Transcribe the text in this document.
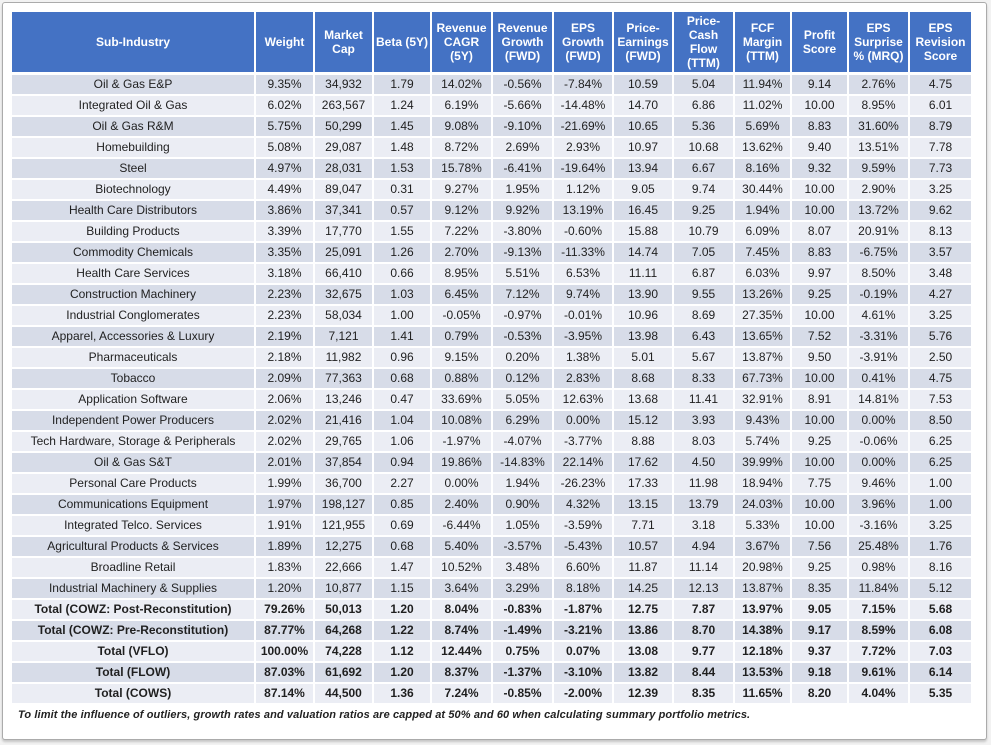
Sub-Industry	Weight	Market Cap	Beta (5Y)	Revenue CAGR (5Y)	Revenue Growth (FWD)	EPS Growth (FWD)	Price-Earnings (FWD)	Price-Cash Flow (TTM)	FCF Margin (TTM)	Profit Score	EPS Surprise % (MRQ)	EPS Revision Score
Oil & Gas E&P	9.35%	34,932	1.79	14.02%	-0.56%	-7.84%	10.59	5.04	11.94%	9.14	2.76%	4.75
Integrated Oil & Gas	6.02%	263,567	1.24	6.19%	-5.66%	-14.48%	14.70	6.86	11.02%	10.00	8.95%	6.01
Oil & Gas R&M	5.75%	50,299	1.45	9.08%	-9.10%	-21.69%	10.65	5.36	5.69%	8.83	31.60%	8.79
Homebuilding	5.08%	29,087	1.48	8.72%	2.69%	2.93%	10.97	10.68	13.62%	9.40	13.51%	7.78
Steel	4.97%	28,031	1.53	15.78%	-6.41%	-19.64%	13.94	6.67	8.16%	9.32	9.59%	7.73
Biotechnology	4.49%	89,047	0.31	9.27%	1.95%	1.12%	9.05	9.74	30.44%	10.00	2.90%	3.25
Health Care Distributors	3.86%	37,341	0.57	9.12%	9.92%	13.19%	16.45	9.25	1.94%	10.00	13.72%	9.62
Building Products	3.39%	17,770	1.55	7.22%	-3.80%	-0.60%	15.88	10.79	6.09%	8.07	20.91%	8.13
Commodity Chemicals	3.35%	25,091	1.26	2.70%	-9.13%	-11.33%	14.74	7.05	7.45%	8.83	-6.75%	3.57
Health Care Services	3.18%	66,410	0.66	8.95%	5.51%	6.53%	11.11	6.87	6.03%	9.97	8.50%	3.48
Construction Machinery	2.23%	32,675	1.03	6.45%	7.12%	9.74%	13.90	9.55	13.26%	9.25	-0.19%	4.27
Industrial Conglomerates	2.23%	58,034	1.00	-0.05%	-0.97%	-0.01%	10.96	8.69	27.35%	10.00	4.61%	3.25
Apparel, Accessories & Luxury	2.19%	7,121	1.41	0.79%	-0.53%	-3.95%	13.98	6.43	13.65%	7.52	-3.31%	5.76
Pharmaceuticals	2.18%	11,982	0.96	9.15%	0.20%	1.38%	5.01	5.67	13.87%	9.50	-3.91%	2.50
Tobacco	2.09%	77,363	0.68	0.88%	0.12%	2.83%	8.68	8.33	67.73%	10.00	0.41%	4.75
Application Software	2.06%	13,246	0.47	33.69%	5.05%	12.63%	13.68	11.41	32.91%	8.91	14.81%	7.53
Independent Power Producers	2.02%	21,416	1.04	10.08%	6.29%	0.00%	15.12	3.93	9.43%	10.00	0.00%	8.50
Tech Hardware, Storage & Peripherals	2.02%	29,765	1.06	-1.97%	-4.07%	-3.77%	8.88	8.03	5.74%	9.25	-0.06%	6.25
Oil & Gas S&T	2.01%	37,854	0.94	19.86%	-14.83%	22.14%	17.62	4.50	39.99%	10.00	0.00%	6.25
Personal Care Products	1.99%	36,700	2.27	0.00%	1.94%	-26.23%	17.33	11.98	18.94%	7.75	9.46%	1.00
Communications Equipment	1.97%	198,127	0.85	2.40%	0.90%	4.32%	13.15	13.79	24.03%	10.00	3.96%	1.00
Integrated Telco. Services	1.91%	121,955	0.69	-6.44%	1.05%	-3.59%	7.71	3.18	5.33%	10.00	-3.16%	3.25
Agricultural Products & Services	1.89%	12,275	0.68	5.40%	-3.57%	-5.43%	10.57	4.94	3.67%	7.56	25.48%	1.76
Broadline Retail	1.83%	22,666	1.47	10.52%	3.48%	6.60%	11.87	11.14	20.98%	9.25	0.98%	8.16
Industrial Machinery & Supplies	1.20%	10,877	1.15	3.64%	3.29%	8.18%	14.25	12.13	13.87%	8.35	11.84%	5.12
Total (COWZ: Post-Reconstitution)	79.26%	50,013	1.20	8.04%	-0.83%	-1.87%	12.75	7.87	13.97%	9.05	7.15%	5.68
Total (COWZ: Pre-Reconstitution)	87.77%	64,268	1.22	8.74%	-1.49%	-3.21%	13.86	8.70	14.38%	9.17	8.59%	6.08
Total (VFLO)	100.00%	74,228	1.12	12.44%	0.75%	0.07%	13.08	9.77	12.18%	9.37	7.72%	7.03
Total (FLOW)	87.03%	61,692	1.20	8.37%	-1.37%	-3.10%	13.82	8.44	13.53%	9.18	9.61%	6.14
Total (COWS)	87.14%	44,500	1.36	7.24%	-0.85%	-2.00%	12.39	8.35	11.65%	8.20	4.04%	5.35
To limit the influence of outliers, growth rates and valuation ratios are capped at 50% and 60 when calculating summary portfolio metrics.
